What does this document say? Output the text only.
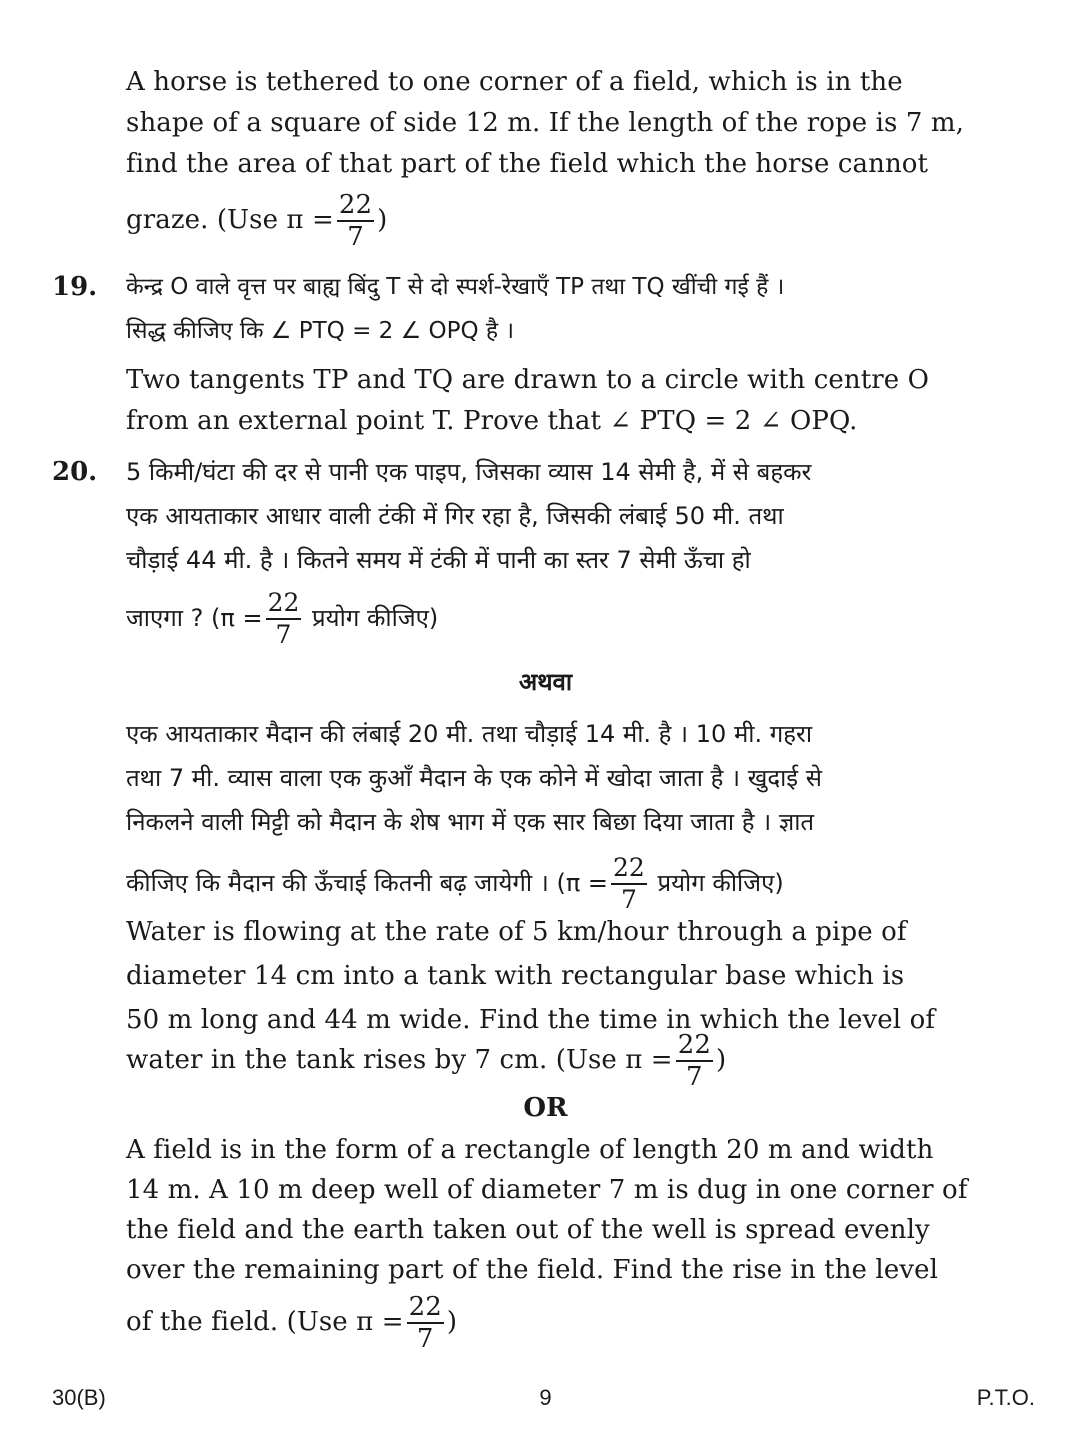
A horse is tethered to one corner of a field, which is in the
shape of a square of side 12 m. If the length of the rope is 7 m,
find the area of that part of the field which the horse cannot
graze. (Use $\pi = \frac{22}{7}$ )
19. केन्द्र O वाले वृत्त पर बाह्य बिंदु T से दो स्पर्श-रेखाएँ TP तथा TQ खींची गई हैं ।
सिद्ध कीजिए कि ∠ PTQ = 2 ∠ OPQ है ।
Two tangents TP and TQ are drawn to a circle with centre O
from an external point T. Prove that ∠ PTQ = 2 ∠ OPQ.
20. 5 किमी/घंटा की दर से पानी एक पाइप, जिसका व्यास 14 सेमी है, में से बहकर
एक आयताकार आधार वाली टंकी में गिर रहा है, जिसकी लंबाई 50 मी. तथा
चौड़ाई 44 मी. है । कितने समय में टंकी में पानी का स्तर 7 सेमी ऊँचा हो
जाएगा ? ($\pi = \frac{22}{7}$ प्रयोग कीजिए)
अथवा
एक आयताकार मैदान की लंबाई 20 मी. तथा चौड़ाई 14 मी. है । 10 मी. गहरा
तथा 7 मी. व्यास वाला एक कुआँ मैदान के एक कोने में खोदा जाता है । खुदाई से
निकलने वाली मिट्टी को मैदान के शेष भाग में एक सार बिछा दिया जाता है । ज्ञात
कीजिए कि मैदान की ऊँचाई कितनी बढ़ जायेगी । ($\pi = \frac{22}{7}$ प्रयोग कीजिए)
Water is flowing at the rate of 5 km/hour through a pipe of
diameter 14 cm into a tank with rectangular base which is
50 m long and 44 m wide. Find the time in which the level of
water in the tank rises by 7 cm. (Use $\pi = \frac{22}{7}$ )
OR
A field is in the form of a rectangle of length 20 m and width
14 m. A 10 m deep well of diameter 7 m is dug in one corner of
the field and the earth taken out of the well is spread evenly
over the remaining part of the field. Find the rise in the level
of the field. (Use $\pi = \frac{22}{7}$ )
30(B)	9	P.T.O.
